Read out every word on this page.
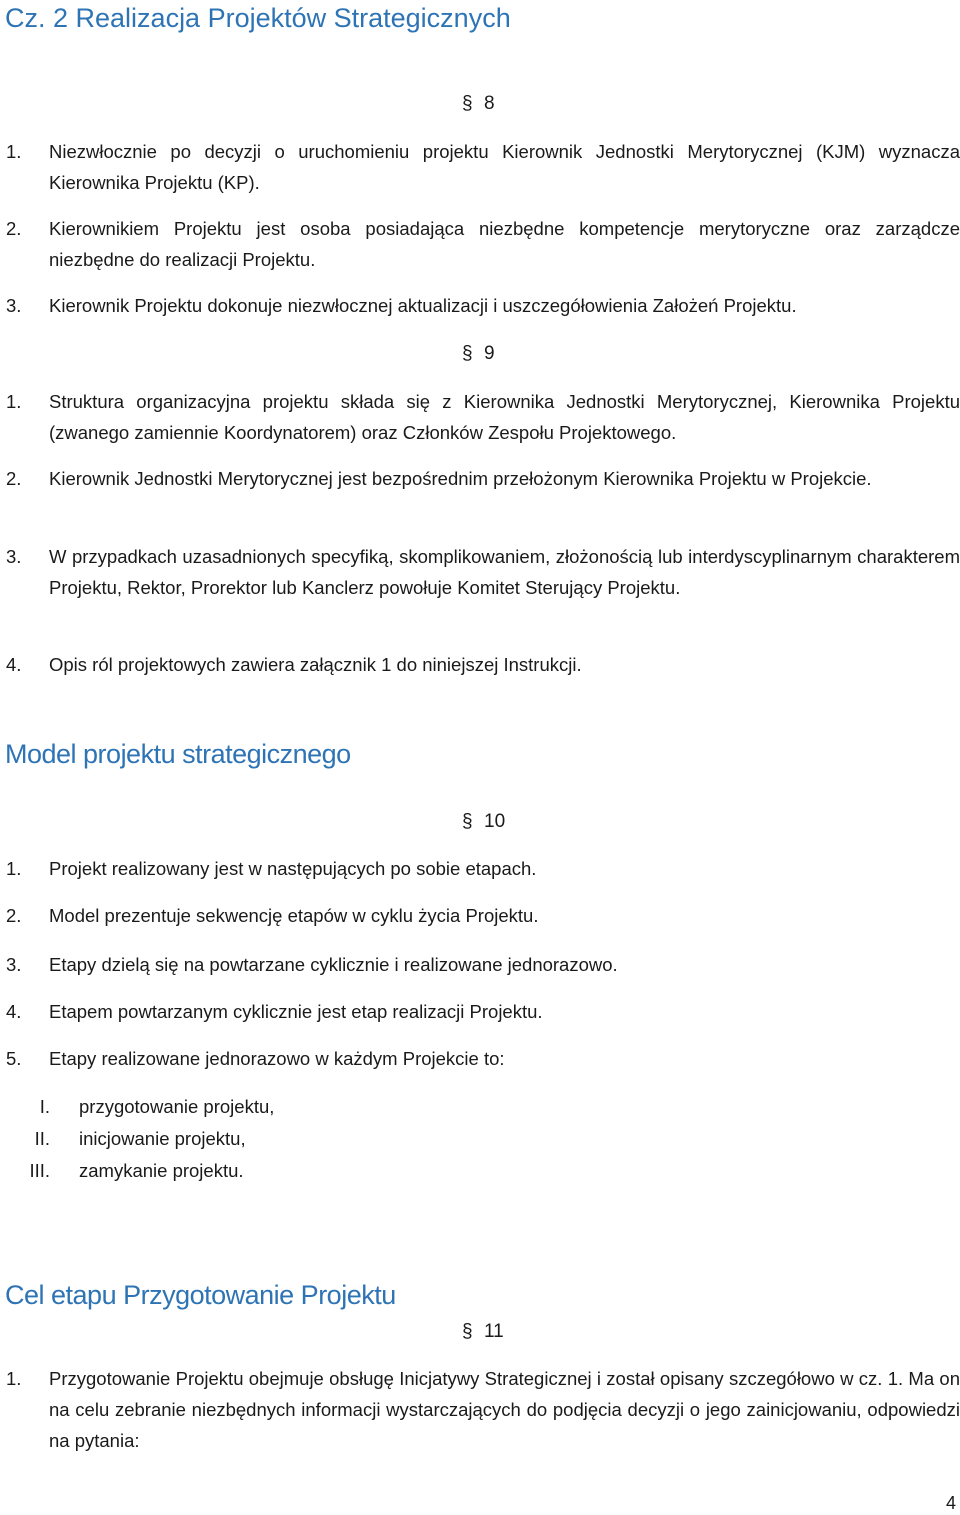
Cz. 2 Realizacja Projektów Strategicznych
§ 8
1. Niezwłocznie po decyzji o uruchomieniu projektu Kierownik Jednostki Merytorycznej (KJM) wyznacza Kierownika Projektu (KP).
2. Kierownikiem Projektu jest osoba posiadająca niezbędne kompetencje merytoryczne oraz zarządcze niezbędne do realizacji Projektu.
3. Kierownik Projektu dokonuje niezwłocznej aktualizacji i uszczegółowienia Założeń Projektu.
§ 9
1. Struktura organizacyjna projektu składa się z Kierownika Jednostki Merytorycznej, Kierownika Projektu (zwanego zamiennie Koordynatorem) oraz Członków Zespołu Projektowego.
2. Kierownik Jednostki Merytorycznej jest bezpośrednim przełożonym Kierownika Projektu w Projekcie.
3. W przypadkach uzasadnionych specyfiką, skomplikowaniem, złożonością lub interdyscyplinarnym charakterem Projektu, Rektor, Prorektor lub Kanclerz powołuje Komitet Sterujący Projektu.
4. Opis ról projektowych zawiera załącznik 1 do niniejszej Instrukcji.
Model projektu strategicznego
§ 10
1. Projekt realizowany jest w następujących po sobie etapach.
2. Model prezentuje sekwencję etapów w cyklu życia Projektu.
3. Etapy dzielą się na powtarzane cyklicznie i realizowane jednorazowo.
4. Etapem powtarzanym cyklicznie jest etap realizacji Projektu.
5. Etapy realizowane jednorazowo w każdym Projekcie to:
I. przygotowanie projektu,
II. inicjowanie projektu,
III. zamykanie projektu.
Cel etapu Przygotowanie Projektu
§ 11
1. Przygotowanie Projektu obejmuje obsługę Inicjatywy Strategicznej i został opisany szczegółowo w cz. 1. Ma on na celu zebranie niezbędnych informacji wystarczających do podjęcia decyzji o jego zainicjowaniu, odpowiedzi na pytania:
4
